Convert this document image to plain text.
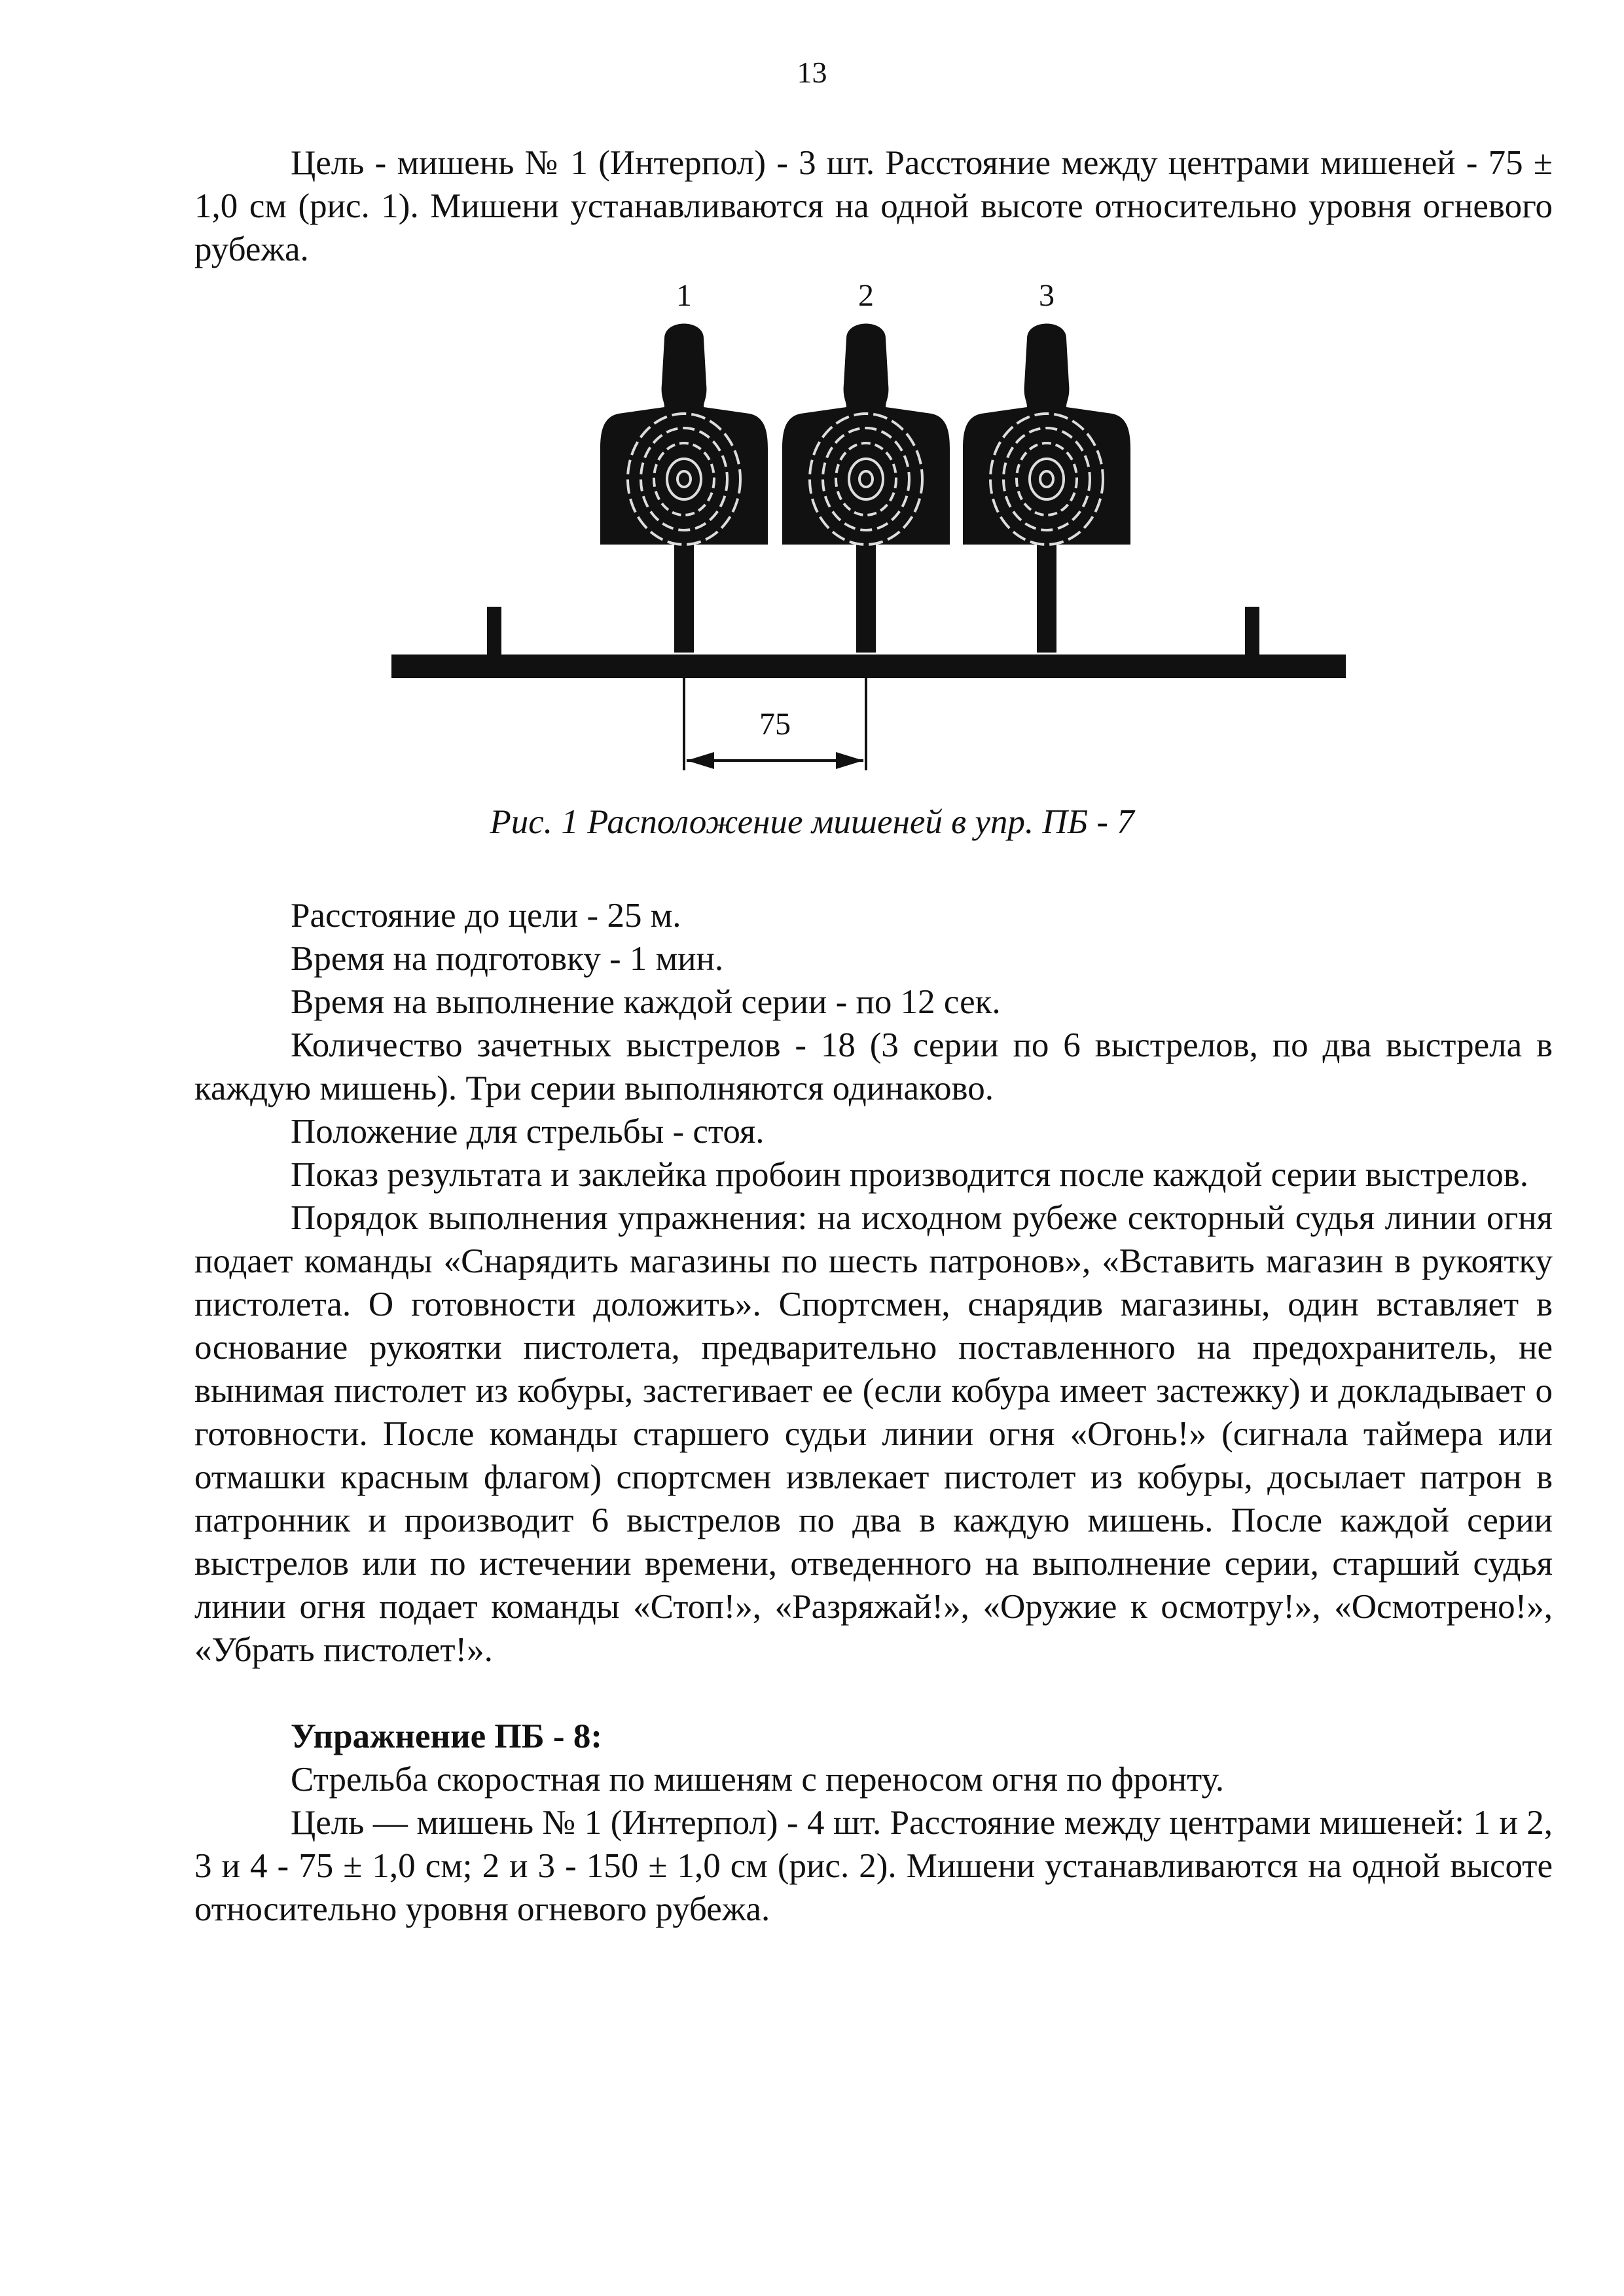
13

Цель - мишень № 1 (Интерпол) - 3 шт. Расстояние между центрами мишеней - 75 ± 1,0 см (рис. 1). Мишени устанавливаются на одной высоте относительно уровня огневого рубежа.

1	2	3
75
Рис. 1 Расположение мишеней в упр. ПБ - 7

Расстояние до цели - 25 м.

Время на подготовку - 1 мин.

Время на выполнение каждой серии - по 12 сек.

Количество зачетных выстрелов - 18 (3 серии по 6 выстрелов, по два выстрела в каждую мишень). Три серии выполняются одинаково.

Положение для стрельбы - стоя.

Показ результата и заклейка пробоин производится после каждой серии выстрелов.

Порядок выполнения упражнения: на исходном рубеже секторный судья линии огня подает команды «Снарядить магазины по шесть патронов», «Вставить магазин в рукоятку пистолета. О готовности доложить». Спортсмен, снарядив магазины, один вставляет в основание рукоятки пистолета, предварительно поставленного на предохранитель, не вынимая пистолет из кобуры, застегивает ее (если кобура имеет застежку) и докладывает о готовности. После команды старшего судьи линии огня «Огонь!» (сигнала таймера или отмашки красным флагом) спортсмен извлекает пистолет из кобуры, досылает патрон в патронник и производит 6 выстрелов по два в каждую мишень. После каждой серии выстрелов или по истечении времени, отведенного на выполнение серии, старший судья линии огня подает команды «Стоп!», «Разряжай!», «Оружие к осмотру!», «Осмотрено!», «Убрать пистолет!».

Упражнение ПБ - 8:

Стрельба скоростная по мишеням с переносом огня по фронту.

Цель — мишень № 1 (Интерпол) - 4 шт. Расстояние между центрами мишеней: 1 и 2, 3 и 4 - 75 ± 1,0 см; 2 и 3 - 150 ± 1,0 см (рис. 2). Мишени устанавливаются на одной высоте относительно уровня огневого рубежа.
